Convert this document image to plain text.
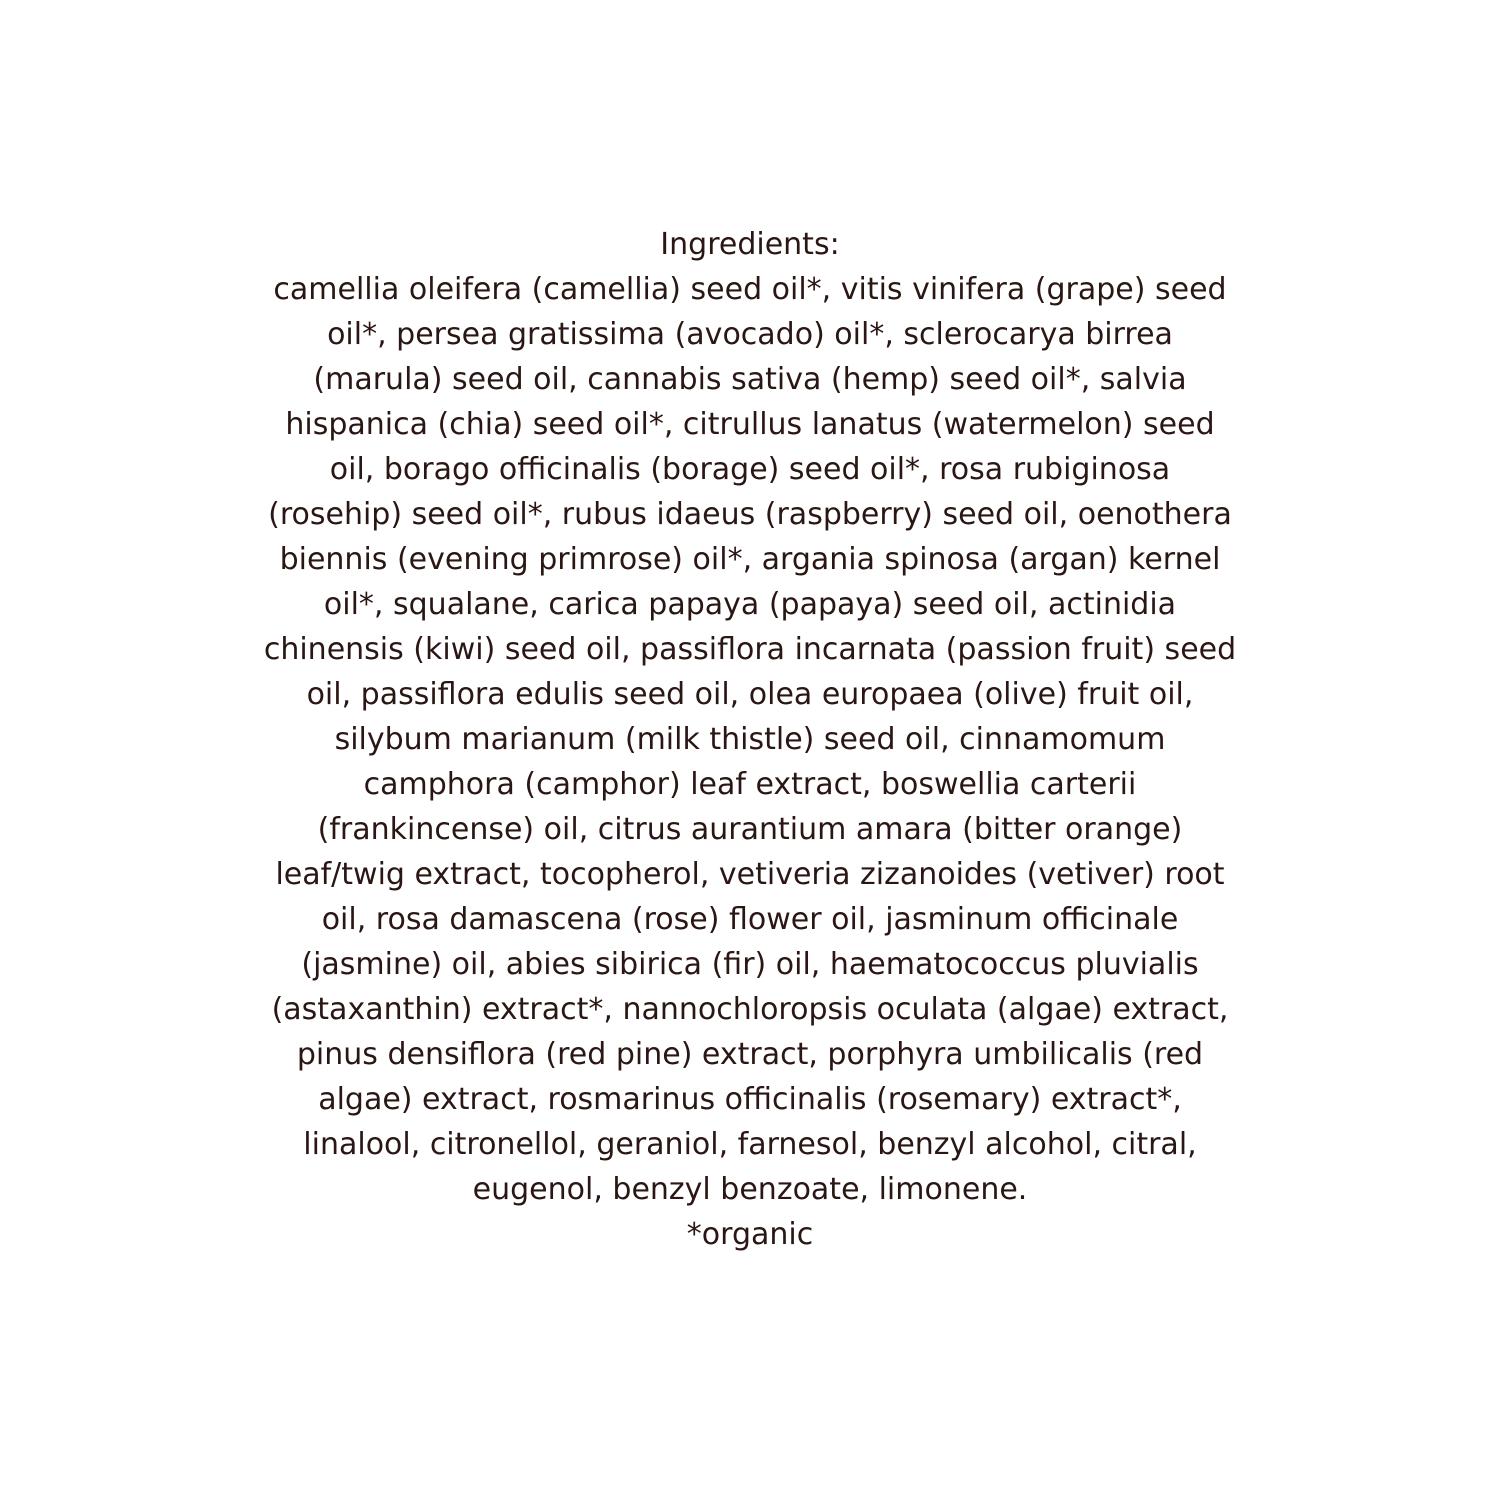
Ingredients:
camellia oleifera (camellia) seed oil*, vitis vinifera (grape) seed
oil*, persea gratissima (avocado) oil*, sclerocarya birrea
(marula) seed oil, cannabis sativa (hemp) seed oil*, salvia
hispanica (chia) seed oil*, citrullus lanatus (watermelon) seed
oil, borago officinalis (borage) seed oil*, rosa rubiginosa
(rosehip) seed oil*, rubus idaeus (raspberry) seed oil, oenothera
biennis (evening primrose) oil*, argania spinosa (argan) kernel
oil*, squalane, carica papaya (papaya) seed oil, actinidia
chinensis (kiwi) seed oil, passiflora incarnata (passion fruit) seed
oil, passiflora edulis seed oil, olea europaea (olive) fruit oil,
silybum marianum (milk thistle) seed oil, cinnamomum
camphora (camphor) leaf extract, boswellia carterii
(frankincense) oil, citrus aurantium amara (bitter orange)
leaf/twig extract, tocopherol, vetiveria zizanoides (vetiver) root
oil, rosa damascena (rose) flower oil, jasminum officinale
(jasmine) oil, abies sibirica (fir) oil, haematococcus pluvialis
(astaxanthin) extract*, nannochloropsis oculata (algae) extract,
pinus densiflora (red pine) extract, porphyra umbilicalis (red
algae) extract, rosmarinus officinalis (rosemary) extract*,
linalool, citronellol, geraniol, farnesol, benzyl alcohol, citral,
eugenol, benzyl benzoate, limonene.
*organic
